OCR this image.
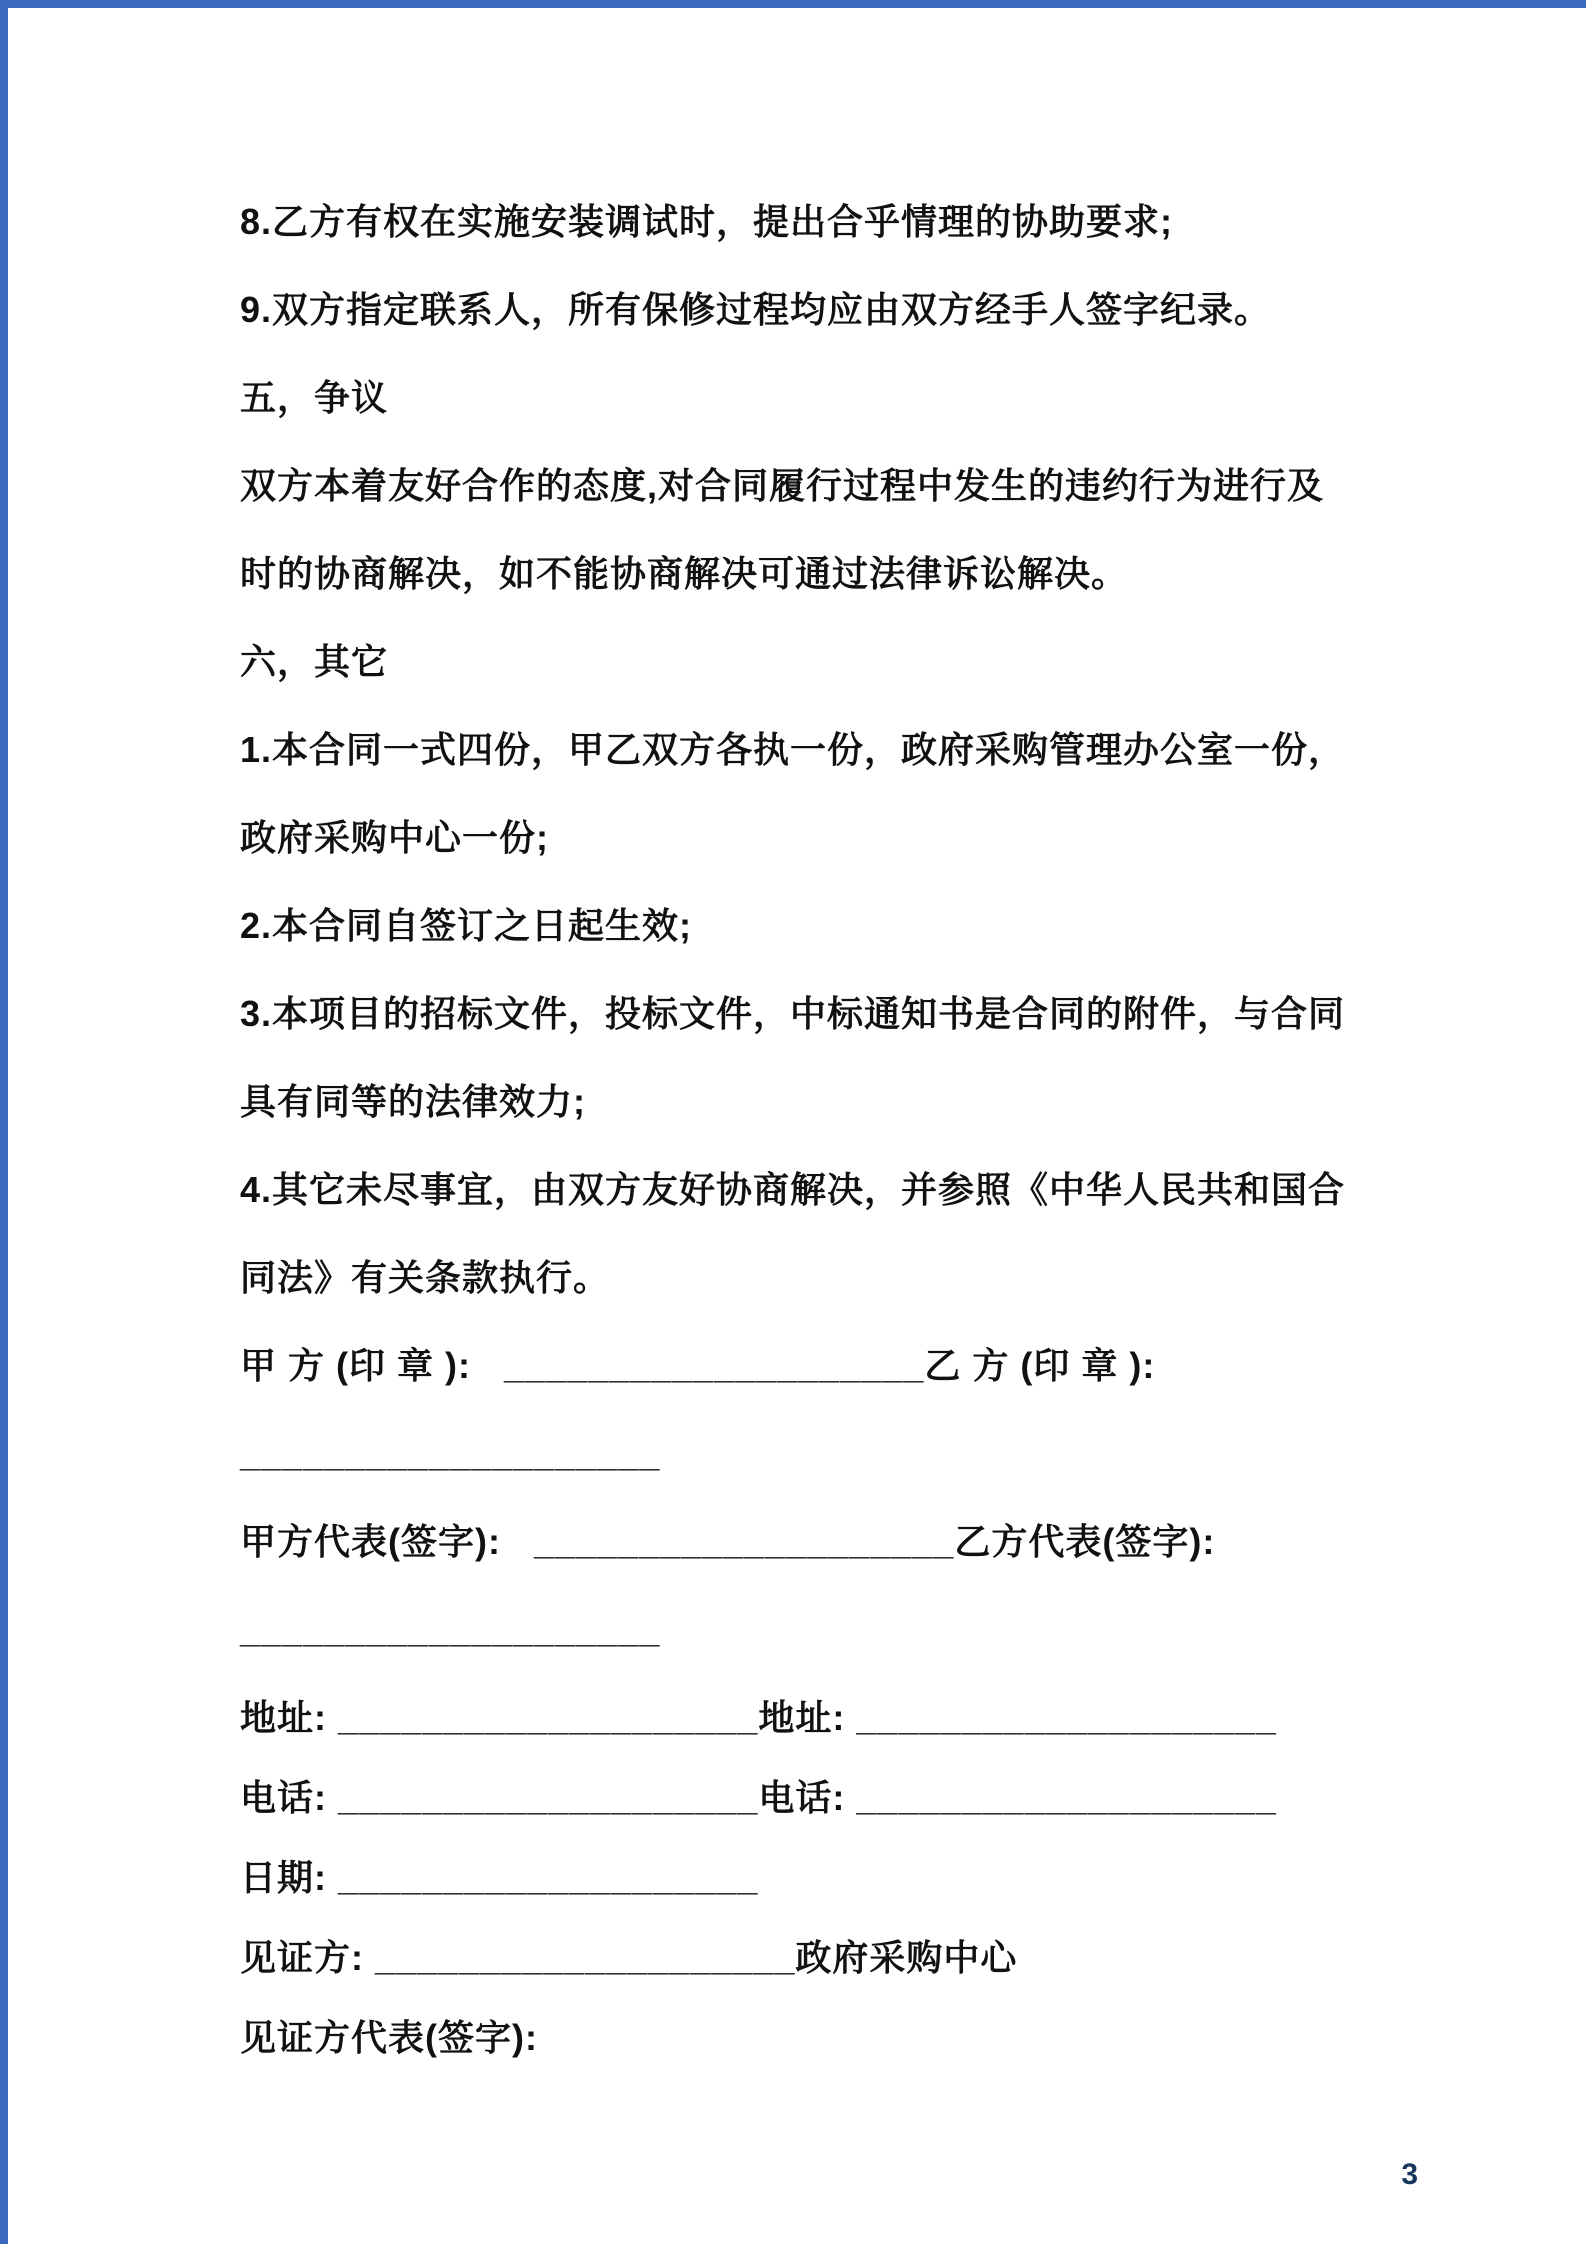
8.乙方有权在实施安装调试时，提出合乎情理的协助要求;
9.双方指定联系人，所有保修过程均应由双方经手人签字纪录。
五，争议
双方本着友好合作的态度,对合同履行过程中发生的违约行为进行及
时的协商解决，如不能协商解决可通过法律诉讼解决。
六，其它
1.本合同一式四份，甲乙双方各执一份，政府采购管理办公室一份，
政府采购中心一份;
2.本合同自签订之日起生效;
3.本项目的招标文件，投标文件，中标通知书是合同的附件，与合同
具有同等的法律效力;
4.其它未尽事宜，由双方友好协商解决，并参照《中华人民共和国合
同法》有关条款执行。
甲 方 (印 章 ):   ____________________乙 方 (印 章 ):
____________________
甲方代表(签字):   ____________________乙方代表(签字):
____________________
地址: ____________________地址: ____________________
电话: ____________________电话: ____________________
日期: ____________________
见证方: ____________________政府采购中心
见证方代表(签字):
3
